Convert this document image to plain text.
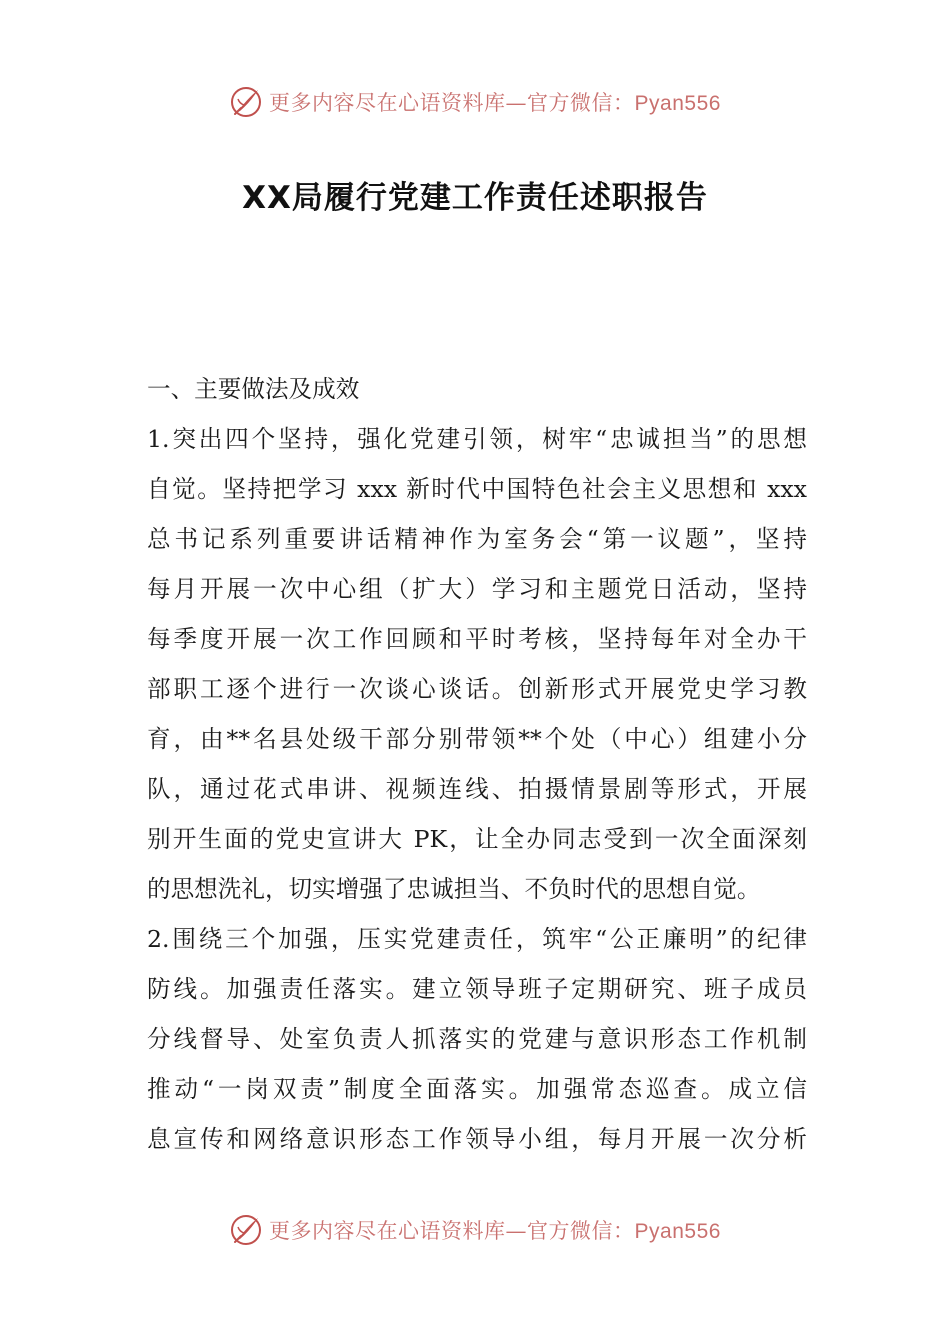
更多内容尽在心语资料库—官方微信：Pyan556
XX局履行党建工作责任述职报告
一、主要做法及成效
1.突出四个坚持，强化党建引领，树牢“忠诚担当”的思想
自觉。坚持把学习 xxx 新时代中国特色社会主义思想和 xxx
总书记系列重要讲话精神作为室务会“第一议题”，坚持
每月开展一次中心组（扩大）学习和主题党日活动，坚持
每季度开展一次工作回顾和平时考核，坚持每年对全办干
部职工逐个进行一次谈心谈话。创新形式开展党史学习教
育，由**名县处级干部分别带领**个处（中心）组建小分
队，通过花式串讲、视频连线、拍摄情景剧等形式，开展
别开生面的党史宣讲大 PK，让全办同志受到一次全面深刻
的思想洗礼，切实增强了忠诚担当、不负时代的思想自觉。
2.围绕三个加强，压实党建责任，筑牢“公正廉明”的纪律
防线。加强责任落实。建立领导班子定期研究、班子成员
分线督导、处室负责人抓落实的党建与意识形态工作机制
推动“一岗双责”制度全面落实。加强常态巡查。成立信
息宣传和网络意识形态工作领导小组，每月开展一次分析
更多内容尽在心语资料库—官方微信：Pyan556
